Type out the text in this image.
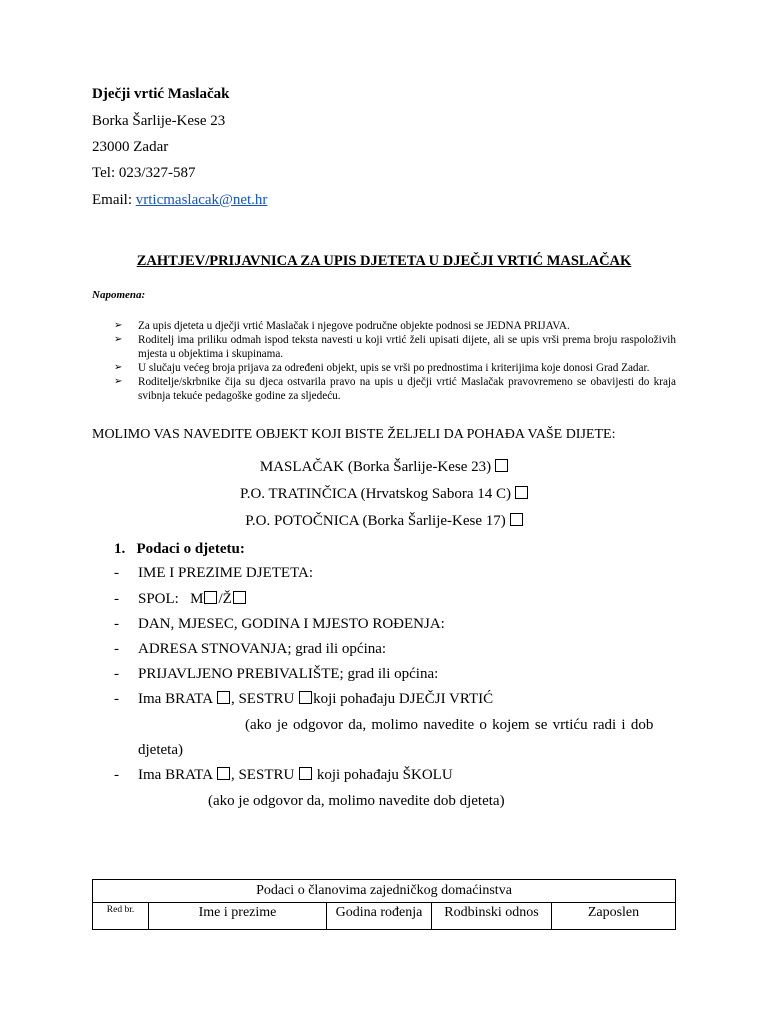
Dječji vrtić Maslačak
Borka Šarlije-Kese 23
23000 Zadar
Tel: 023/327-587
Email: vrticmaslacak@net.hr
ZAHTJEV/PRIJAVNICA ZA UPIS DJETETA U DJEČJI VRTIĆ MASLAČAK
Napomena:
➢	Za upis djeteta u dječji vrtić Maslačak i njegove područne objekte podnosi se JEDNA PRIJAVA.
➢	Roditelj ima priliku odmah ispod teksta navesti u koji vrtić želi upisati dijete, ali se upis vrši prema broju raspoloživih mjesta u objektima i skupinama.
➢	U slučaju većeg broja prijava za određeni objekt, upis se vrši po prednostima i kriterijima koje donosi Grad Zadar.
➢	Roditelje/skrbnike čija su djeca ostvarila pravo na upis u dječji vrtić Maslačak pravovremeno se obavijesti do kraja svibnja tekuće pedagoške godine za sljedeću.
MOLIMO VAS NAVEDITE OBJEKT KOJI BISTE ŽELJELI DA POHAĐA VAŠE DIJETE:
MASLAČAK (Borka Šarlije-Kese 23)
P.O. TRATINČICA (Hrvatskog Sabora 14 C)
P.O. POTOČNICA (Borka Šarlije-Kese 17)
1. Podaci o djetetu:
- IME I PREZIME DJETETA:
- SPOL: M /Ž
- DAN, MJESEC, GODINA I MJESTO ROĐENJA:
- ADRESA STNOVANJA; grad ili općina:
- PRIJAVLJENO PREBIVALIŠTE; grad ili općina:
- Ima BRATA , SESTRU koji pohađaju DJEČJI VRTIĆ
(ako je odgovor da, molimo navedite o kojem se vrtiću radi i dob
djeteta)
- Ima BRATA , SESTRU koji pohađaju ŠKOLU
(ako je odgovor da, molimo navedite dob djeteta)
Podaci o članovima zajedničkog domaćinstva
Red br.	Ime i prezime	Godina rođenja	Rodbinski odnos	Zaposlen
